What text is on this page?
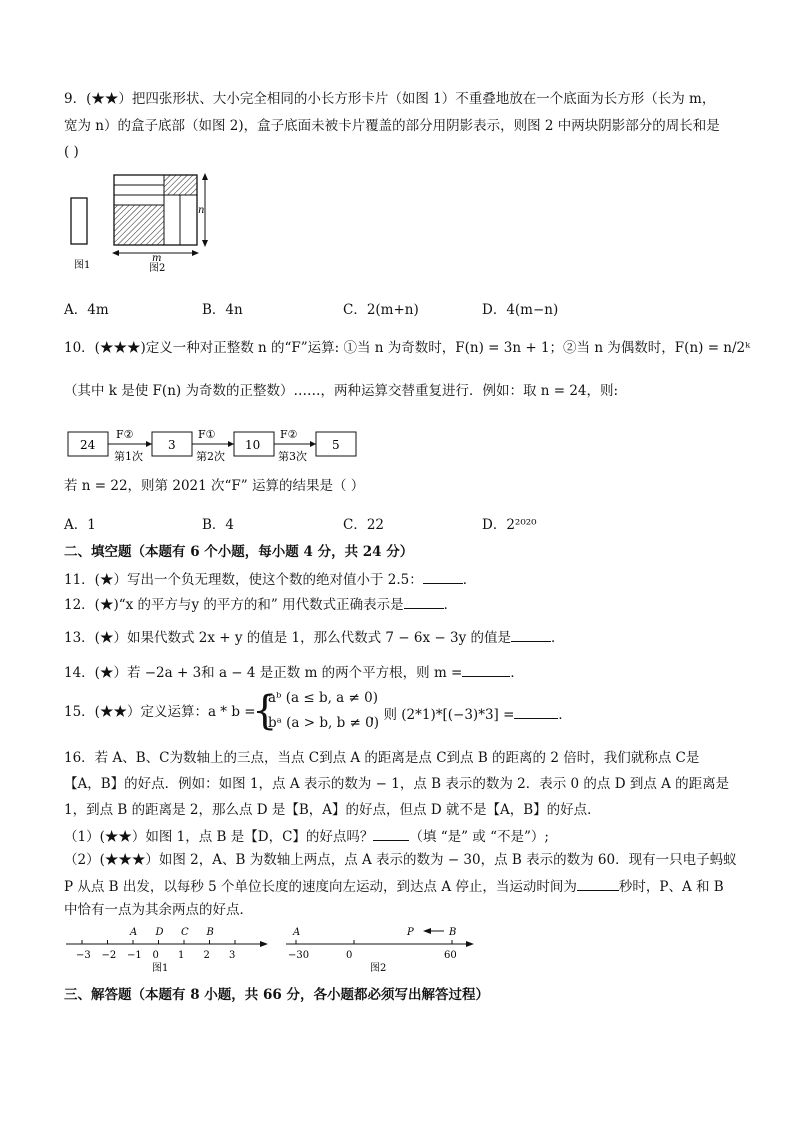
9．(★★）把四张形状、大小完全相同的小长方形卡片（如图 1）不重叠地放在一个底面为长方形（长为 m，
宽为 n）的盒子底部（如图 2)，盒子底面未被卡片覆盖的部分用阴影表示，则图 2 中两块阴影部分的周长和是
( )
图1
n
m
图2
A．4m	B．4n	C．2(m+n)	D．4(m−n)
10．(★★★)定义一种对正整数 n 的“F”运算: ①当 n 为奇数时，F(n) = 3n + 1；②当 n 为偶数时，F(n) = n/2ᵏ
（其中 k 是使 F(n) 为奇数的正整数）……，两种运算交替重复进行．例如：取 n = 24，则:
24
F②
第1次
3
F①
第2次
10
F②
第3次
5
若 n = 22，则第 2021 次“F” 运算的结果是（ ）
A．1	B．4	C．22	D．2²⁰²⁰
二、填空题（本题有 6 个小题，每小题 4 分，共 24 分）
11．(★）写出一个负无理数，使这个数的绝对值小于 2.5：	．
12．(★)“x 的平方与y 的平方的和” 用代数式正确表示是	．
13．(★）如果代数式 2x + y 的值是 1，那么代数式 7 − 6x − 3y 的值是	．
14．(★）若 −2a + 3和 a − 4 是正数 m 的两个平方根，则 m =	．
15．(★★）定义运算：a * b =
{
aᵇ (a ≤ b, a ≠ 0)
bᵃ (a > b, b ≠ 0)
，则 (2*1)*[(−3)*3] =	．
16．若 A、B、C为数轴上的三点，当点 C到点 A 的距离是点 C到点 B 的距离的 2 倍时，我们就称点 C是
【A，B】的好点．例如：如图 1，点 A 表示的数为 − 1，点 B 表示的数为 2．表示 0 的点 D 到点 A 的距离是
1，到点 B 的距离是 2，那么点 D 是【B，A】的好点，但点 D 就不是【A，B】的好点．
（1）(★★）如图 1，点 B 是【D，C】的好点吗？	（填 “是” 或 “不是”）;
（2）(★★★）如图 2，A、B 为数轴上两点，点 A 表示的数为 − 30，点 B 表示的数为 60．现有一只电子蚂蚁
P 从点 B 出发，以每秒 5 个单位长度的速度向左运动，到达点 A 停止，当运动时间为	秒时，P、A 和 B
中恰有一点为其余两点的好点．
−3 −2 −1 0 1 2 3
A D C B
图1
−30	0	60
A	P	B
图2
三、解答题（本题有 8 小题，共 66 分，各小题都必须写出解答过程）
